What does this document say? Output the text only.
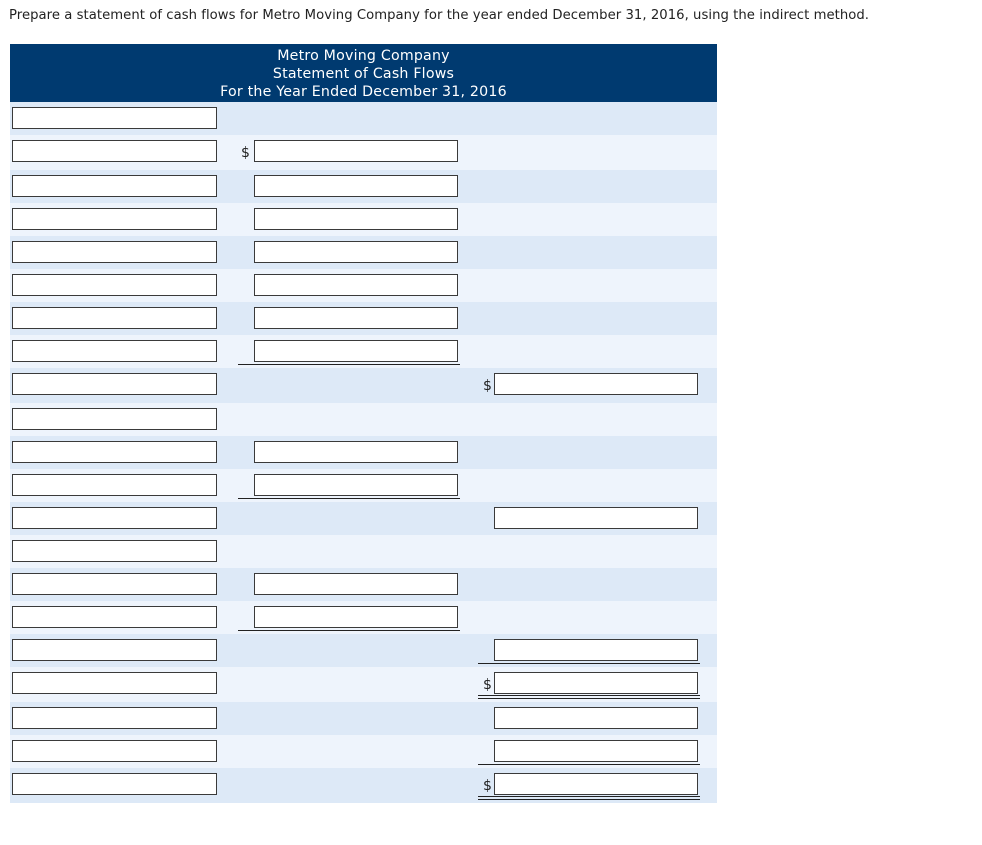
Prepare a statement of cash flows for Metro Moving Company for the year ended December 31, 2016, using the indirect method.
Metro Moving Company
Statement of Cash Flows
For the Year Ended December 31, 2016
$
$
$
$
